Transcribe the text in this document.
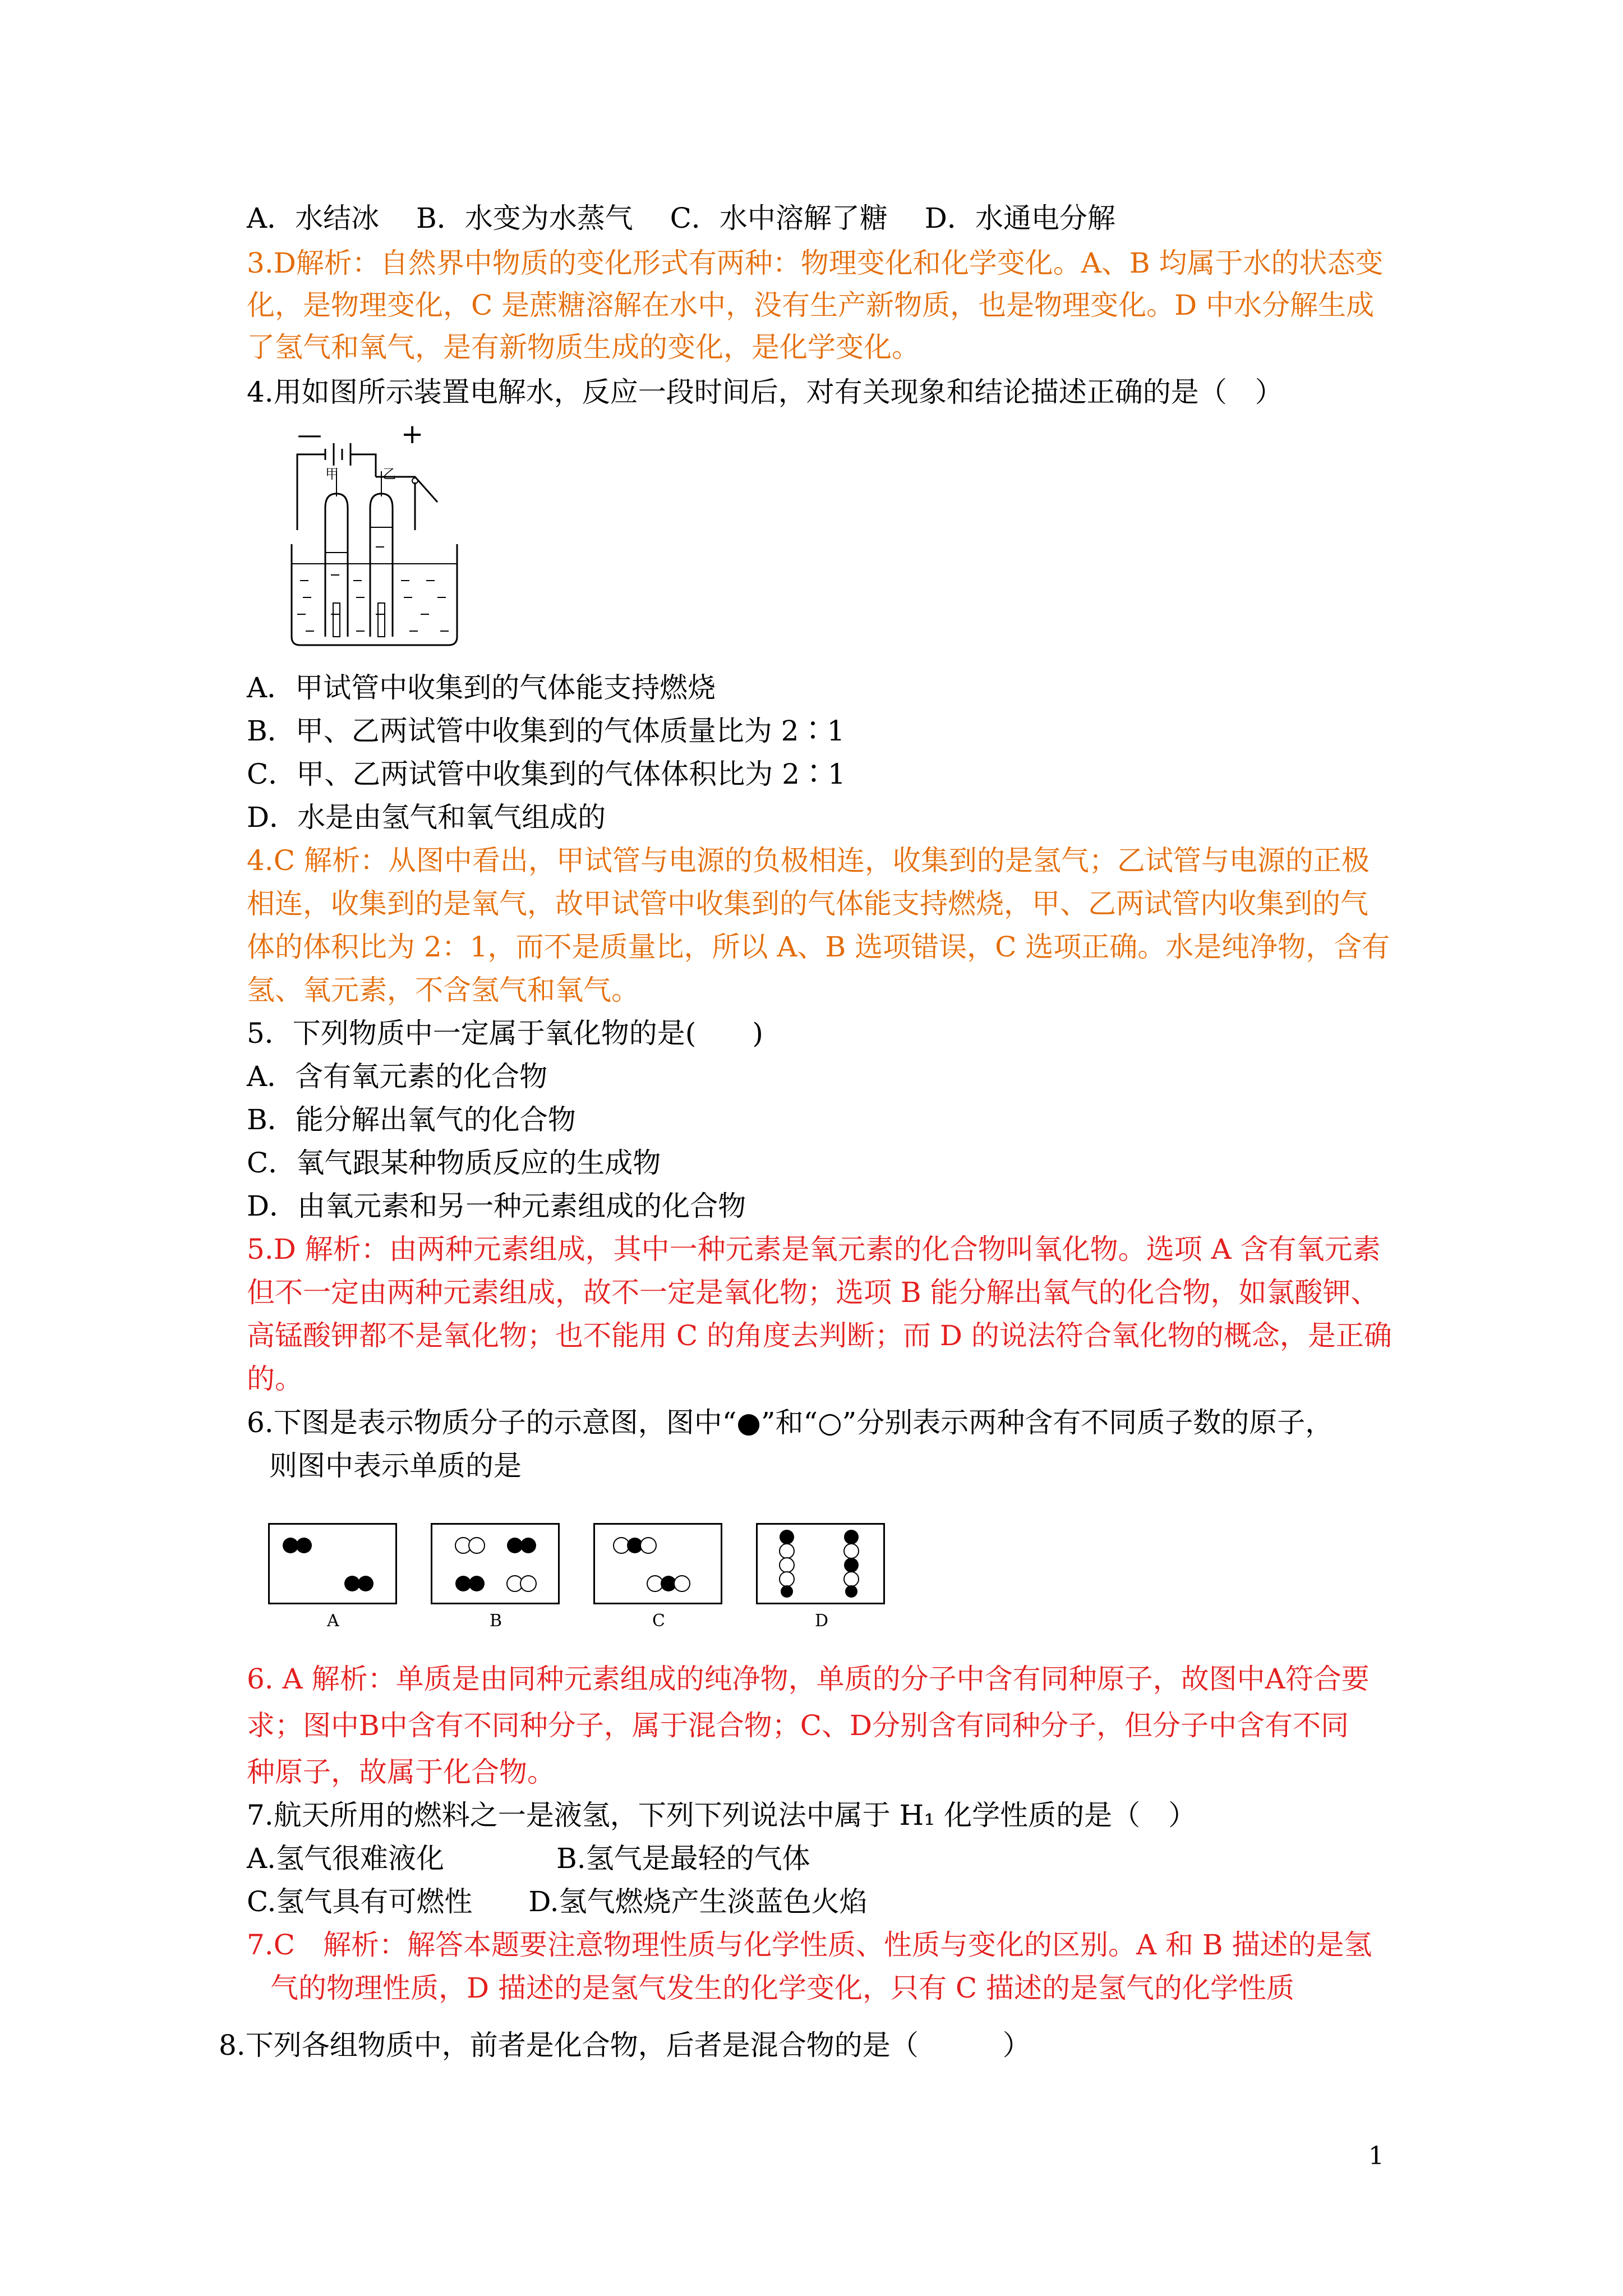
A．水结冰　 B．水变为水蒸气　 C．水中溶解了糖　 D．水通电分解
3.D解析：自然界中物质的变化形式有两种：物理变化和化学变化。A、B 均属于水的状态变
化，是物理变化，C 是蔗糖溶解在水中，没有生产新物质，也是物理变化。D 中水分解生成
了氢气和氧气，是有新物质生成的变化，是化学变化。
4.用如图所示装置电解水，反应一段时间后，对有关现象和结论描述正确的是（　）
—	+
甲	乙
A．甲试管中收集到的气体能支持燃烧
B．甲、乙两试管中收集到的气体质量比为 2∶1
C．甲、乙两试管中收集到的气体体积比为 2∶1
D．水是由氢气和氧气组成的
4.C 解析：从图中看出，甲试管与电源的负极相连，收集到的是氢气；乙试管与电源的正极
相连，收集到的是氧气，故甲试管中收集到的气体能支持燃烧，甲、乙两试管内收集到的气
体的体积比为 2：1，而不是质量比，所以 A、B 选项错误，C 选项正确。水是纯净物，含有
氢、氧元素，不含氢气和氧气。
5．下列物质中一定属于氧化物的是(　　)
A．含有氧元素的化合物
B．能分解出氧气的化合物
C．氧气跟某种物质反应的生成物
D．由氧元素和另一种元素组成的化合物
5.D 解析：由两种元素组成，其中一种元素是氧元素的化合物叫氧化物。选项 A 含有氧元素
但不一定由两种元素组成，故不一定是氧化物；选项 B 能分解出氧气的化合物，如氯酸钾、
高锰酸钾都不是氧化物；也不能用 C 的角度去判断；而 D 的说法符合氧化物的概念，是正确
的。
6.下图是表示物质分子的示意图，图中“●”和“○”分别表示两种含有不同质子数的原子，
则图中表示单质的是
A	B	C	D
6. A 解析：单质是由同种元素组成的纯净物，单质的分子中含有同种原子，故图中A符合要
求；图中B中含有不同种分子，属于混合物；C、D分别含有同种分子，但分子中含有不同
种原子，故属于化合物。
7.航天所用的燃料之一是液氢，下列下列说法中属于 H₁ 化学性质的是（　）
A.氢气很难液化　　　　B.氢气是最轻的气体
C.氢气具有可燃性　　D.氢气燃烧产生淡蓝色火焰
7.C　解析：解答本题要注意物理性质与化学性质、性质与变化的区别。A 和 B 描述的是氢
气的物理性质，D 描述的是氢气发生的化学变化，只有 C 描述的是氢气的化学性质
8.下列各组物质中，前者是化合物，后者是混合物的是（　　　）
1
